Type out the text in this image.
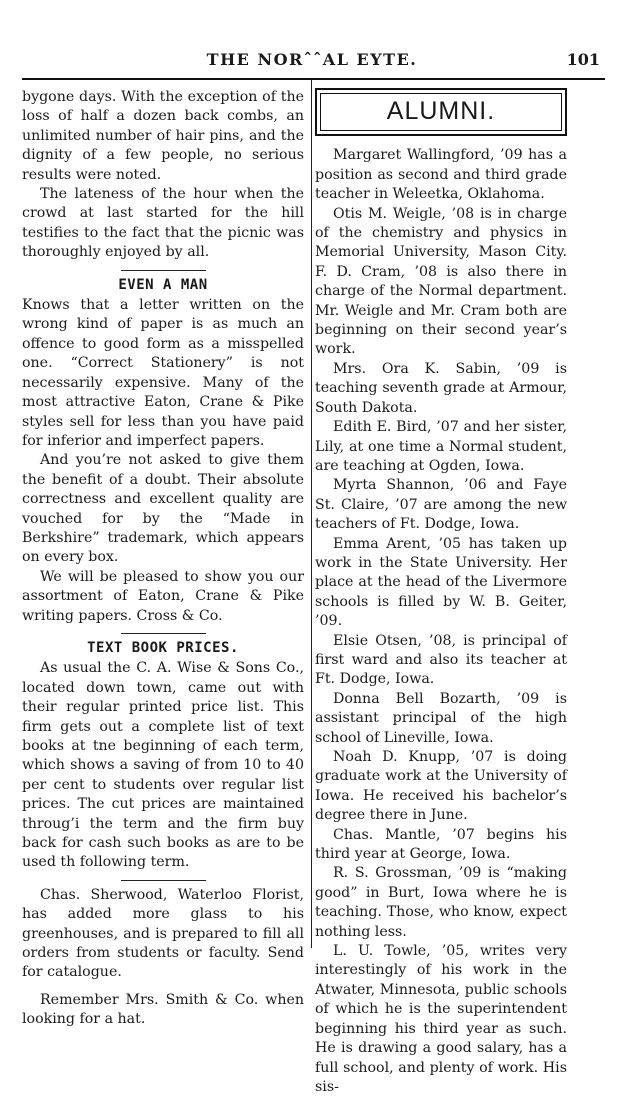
THE NORˆˆAL EYTE.	101

bygone days. With the exception of the loss of half a dozen back combs, an unlimited number of hair pins, and the dignity of a few people, no serious results were noted.

The lateness of the hour when the crowd at last started for the hill testifies to the fact that the picnic was thoroughly enjoyed by all.

EVEN A MAN

Knows that a letter written on the wrong kind of paper is as much an offence to good form as a misspelled one. “Correct Stationery” is not necessarily expensive. Many of the most attractive Eaton, Crane & Pike styles sell for less than you have paid for inferior and imperfect papers.

And you’re not asked to give them the benefit of a doubt. Their absolute correctness and excellent quality are vouched for by the “Made in Berkshire” trademark, which appears on every box.

We will be pleased to show you our assortment of Eaton, Crane & Pike writing papers. Cross & Co.

TEXT BOOK PRICES.

As usual the C. A. Wise & Sons Co., located down town, came out with their regular printed price list. This firm gets out a complete list of text books at tne beginning of each term, which shows a saving of from 10 to 40 per cent to students over regular list prices. The cut prices are maintained throug’i the term and the firm buy back for cash such books as are to be used th following term.

Chas. Sherwood, Waterloo Florist, has added more glass to his greenhouses, and is prepared to fill all orders from students or faculty. Send for catalogue.

Remember Mrs. Smith & Co. when looking for a hat.

ALUMNI.

Margaret Wallingford, ’09 has a position as second and third grade teacher in Weleetka, Oklahoma.

Otis M. Weigle, ’08 is in charge of the chemistry and physics in Memorial University, Mason City. F. D. Cram, ’08 is also there in charge of the Normal department. Mr. Weigle and Mr. Cram both are beginning on their second year’s work.

Mrs. Ora K. Sabin, ’09 is teaching seventh grade at Armour, South Dakota.

Edith E. Bird, ’07 and her sister, Lily, at one time a Normal student, are teaching at Ogden, Iowa.

Myrta Shannon, ’06 and Faye St. Claire, ’07 are among the new teachers of Ft. Dodge, Iowa.

Emma Arent, ’05 has taken up work in the State University. Her place at the head of the Livermore schools is filled by W. B. Geiter, ’09.

Elsie Otsen, ’08, is principal of first ward and also its teacher at Ft. Dodge, Iowa.

Donna Bell Bozarth, ’09 is assistant principal of the high school of Lineville, Iowa.

Noah D. Knupp, ’07 is doing graduate work at the University of Iowa. He received his bachelor’s degree there in June.

Chas. Mantle, ’07 begins his third year at George, Iowa.

R. S. Grossman, ’09 is “making good” in Burt, Iowa where he is teaching. Those, who know, expect nothing less.

L. U. Towle, ’05, writes very interestingly of his work in the Atwater, Minnesota, public schools of which he is the superintendent beginning his third year as such. He is drawing a good salary, has a full school, and plenty of work. His sis-
